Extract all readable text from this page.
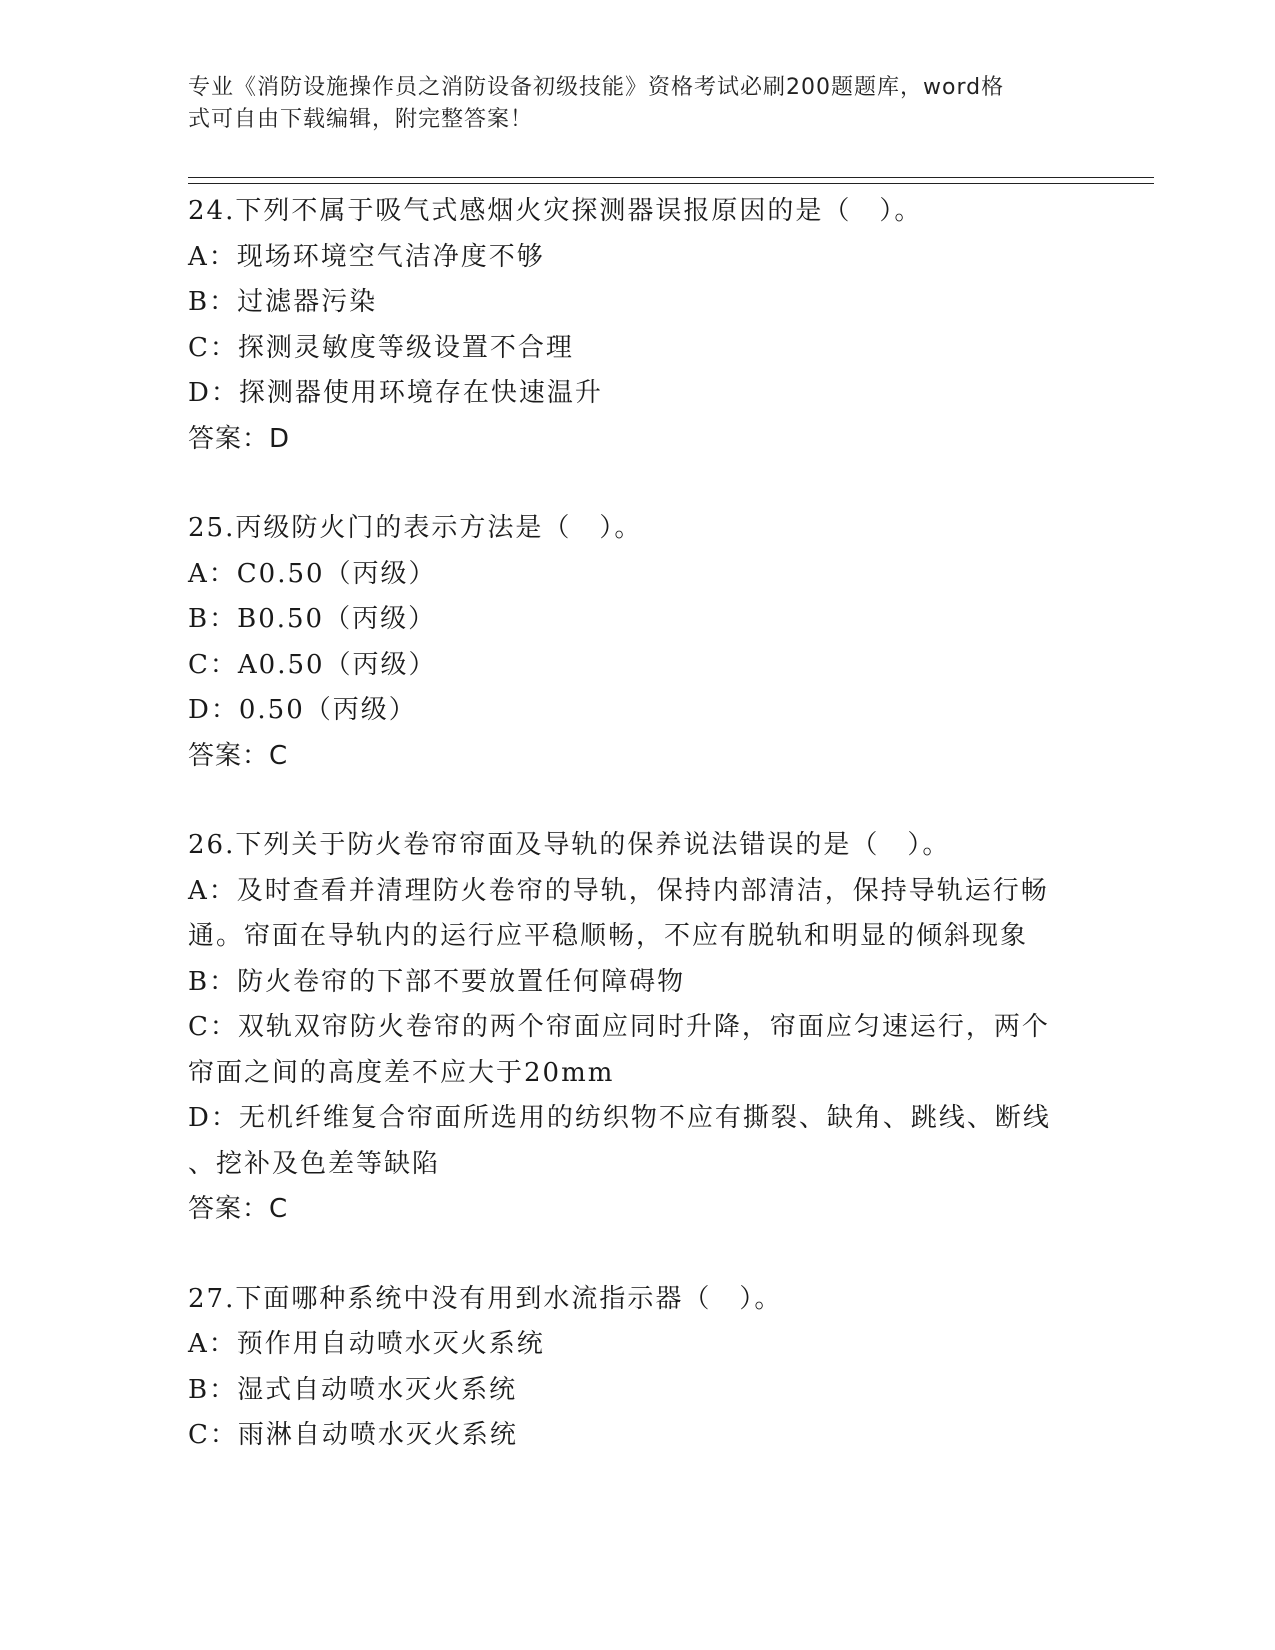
专业《消防设施操作员之消防设备初级技能》资格考试必刷200题题库，word格
式可自由下载编辑，附完整答案！
24.下列不属于吸气式感烟火灾探测器误报原因的是（　）。
A：现场环境空气洁净度不够
B：过滤器污染
C：探测灵敏度等级设置不合理
D：探测器使用环境存在快速温升
答案：D
25.丙级防火门的表示方法是（　）。
A：C0.50（丙级）
B：B0.50（丙级）
C：A0.50（丙级）
D：0.50（丙级）
答案：C
26.下列关于防火卷帘帘面及导轨的保养说法错误的是（　）。
A：及时查看并清理防火卷帘的导轨，保持内部清洁，保持导轨运行畅
通。帘面在导轨内的运行应平稳顺畅，不应有脱轨和明显的倾斜现象
B：防火卷帘的下部不要放置任何障碍物
C：双轨双帘防火卷帘的两个帘面应同时升降，帘面应匀速运行，两个
帘面之间的高度差不应大于20mm
D：无机纤维复合帘面所选用的纺织物不应有撕裂、缺角、跳线、断线
、挖补及色差等缺陷
答案：C
27.下面哪种系统中没有用到水流指示器（　）。
A：预作用自动喷水灭火系统
B：湿式自动喷水灭火系统
C：雨淋自动喷水灭火系统
